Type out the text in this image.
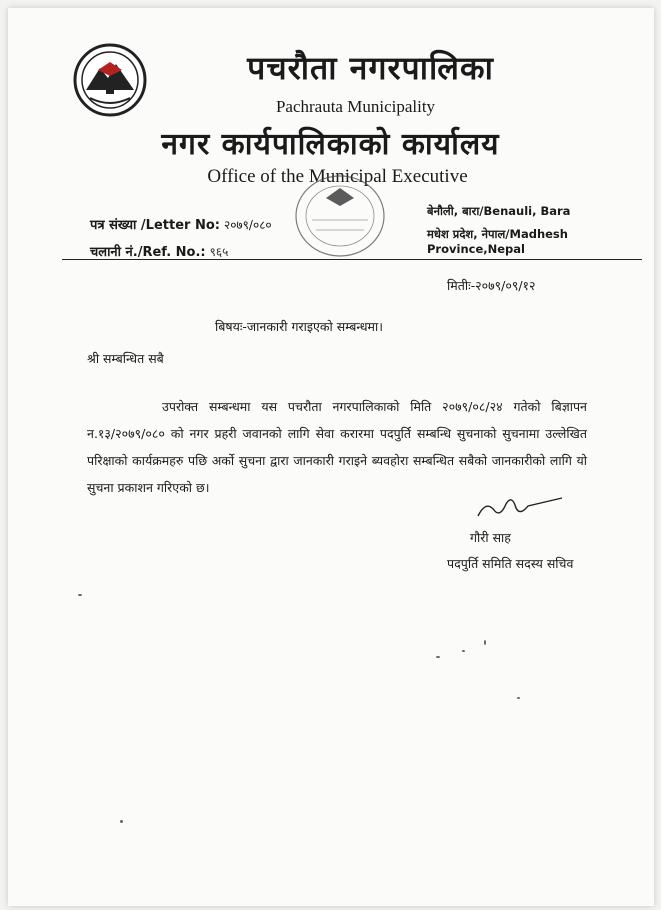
पचरौता नगरपालिका
Pachrauta Municipality
नगर कार्यपालिकाको कार्यालय
Office of the Municipal Executive
पत्र संख्या /Letter No: २०७९/०८०
चलानी नं./Ref. No.: ९६५
बेनौली, बारा/Benauli, Bara
मधेश प्रदेश, नेपाल/Madhesh Province,Nepal
मितीः-२०७९/०९/१२
बिषयः-जानकारी गराइएको सम्बन्धमा।
श्री सम्बन्धित सबै
उपरोक्त सम्बन्धमा यस पचरौता नगरपालिकाको मिति २०७९/०८/२४ गतेको बिज्ञापन न.१३/२०७९/०८० को नगर प्रहरी जवानको लागि सेवा करारमा पदपुर्ति सम्बन्धि सुचनाको सुचनामा उल्लेखित परिक्षाको कार्यक्रमहरु पछि अर्को सुचना द्वारा जानकारी गराइने ब्यवहोरा सम्बन्धित सबैको जानकारीको लागि यो सुचना प्रकाशन गरिएको छ।
गौरी साह
पदपुर्ति समिति सदस्य सचिव
